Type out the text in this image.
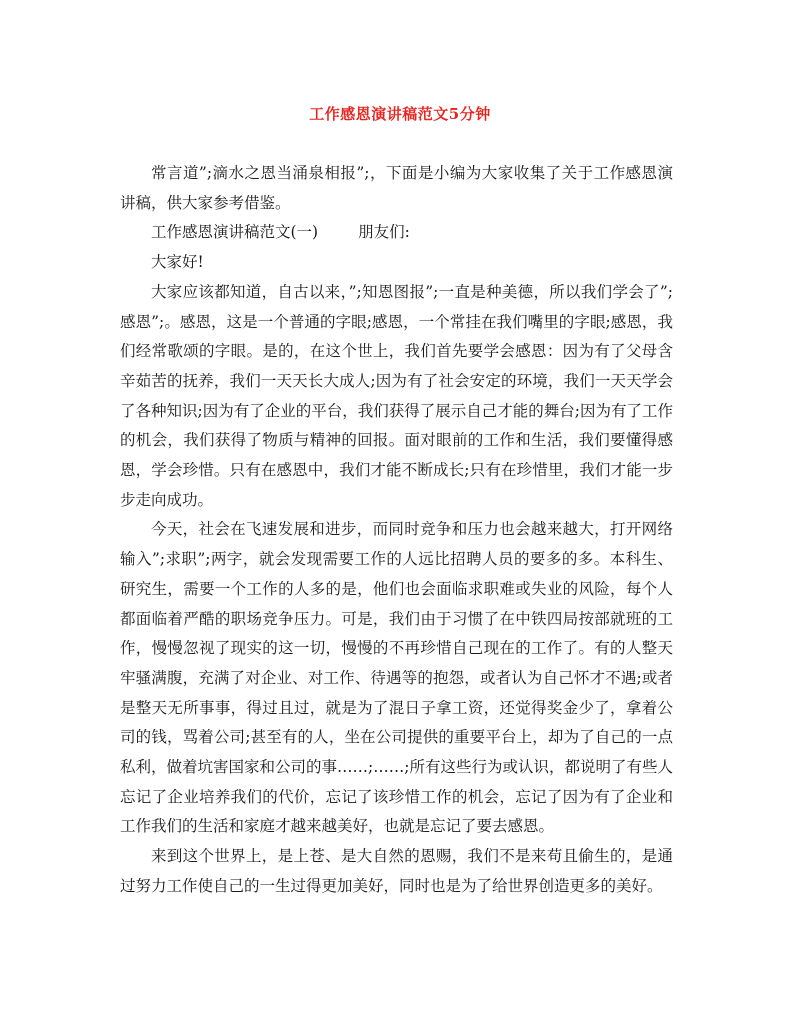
工作感恩演讲稿范文5分钟

常言道”;滴水之恩当涌泉相报”;，下面是小编为大家收集了关于工作感恩演讲稿，供大家参考借鉴。

工作感恩演讲稿范文(一)	朋友们:

大家好!

大家应该都知道，自古以来，”;知恩图报”;一直是种美德，所以我们学会了”;感恩”;。感恩，这是一个普通的字眼;感恩，一个常挂在我们嘴里的字眼;感恩，我们经常歌颂的字眼。是的，在这个世上，我们首先要学会感恩：因为有了父母含辛茹苦的抚养，我们一天天长大成人;因为有了社会安定的环境，我们一天天学会了各种知识;因为有了企业的平台，我们获得了展示自己才能的舞台;因为有了工作的机会，我们获得了物质与精神的回报。面对眼前的工作和生活，我们要懂得感恩，学会珍惜。只有在感恩中，我们才能不断成长;只有在珍惜里，我们才能一步步走向成功。

今天，社会在飞速发展和进步，而同时竞争和压力也会越来越大，打开网络输入”;求职”;两字，就会发现需要工作的人远比招聘人员的要多的多。本科生、研究生，需要一个工作的人多的是，他们也会面临求职难或失业的风险，每个人都面临着严酷的职场竞争压力。可是，我们由于习惯了在中铁四局按部就班的工作，慢慢忽视了现实的这一切，慢慢的不再珍惜自己现在的工作了。有的人整天牢骚满腹，充满了对企业、对工作、待遇等的抱怨，或者认为自己怀才不遇;或者是整天无所事事，得过且过，就是为了混日子拿工资，还觉得奖金少了，拿着公司的钱，骂着公司;甚至有的人，坐在公司提供的重要平台上，却为了自己的一点私利，做着坑害国家和公司的事……;……;所有这些行为或认识，都说明了有些人忘记了企业培养我们的代价，忘记了该珍惜工作的机会，忘记了因为有了企业和工作我们的生活和家庭才越来越美好，也就是忘记了要去感恩。

来到这个世界上，是上苍、是大自然的恩赐，我们不是来苟且偷生的，是通过努力工作使自己的一生过得更加美好，同时也是为了给世界创造更多的美好。
